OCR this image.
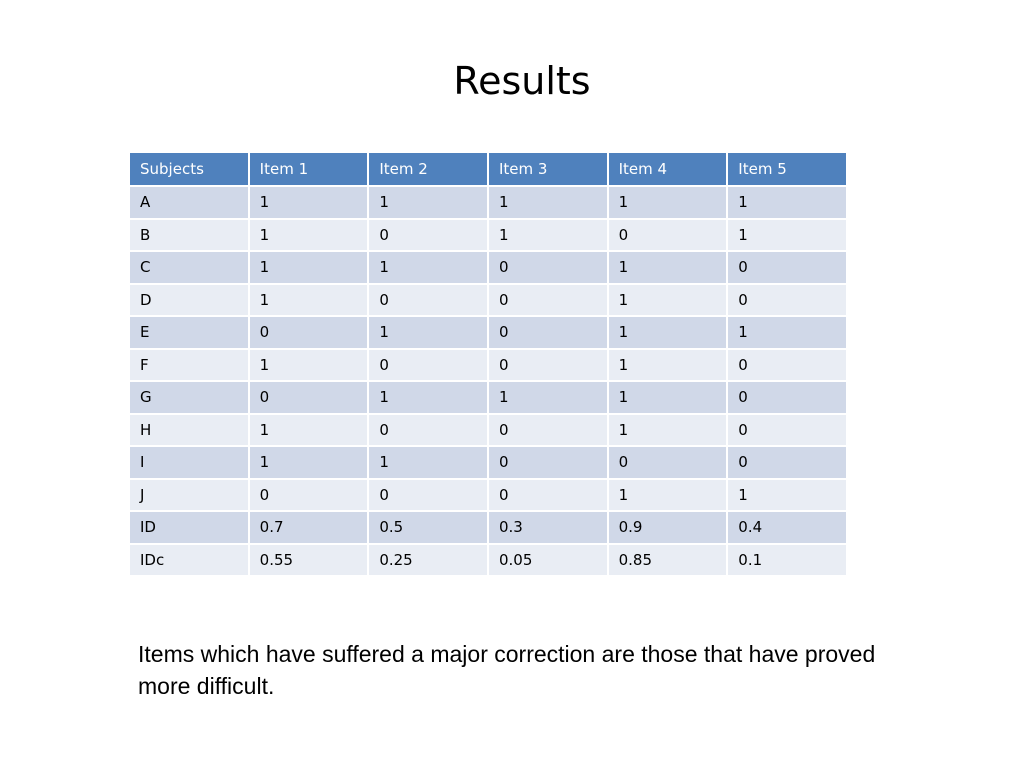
Results
Subjects	Item 1	Item 2	Item 3	Item 4	Item 5
A	1	1	1	1	1
B	1	0	1	0	1
C	1	1	0	1	0
D	1	0	0	1	0
E	0	1	0	1	1
F	1	0	0	1	0
G	0	1	1	1	0
H	1	0	0	1	0
I	1	1	0	0	0
J	0	0	0	1	1
ID	0.7	0.5	0.3	0.9	0.4
IDc	0.55	0.25	0.05	0.85	0.1
Items which have suffered a major correction are those that have proved more difficult.
